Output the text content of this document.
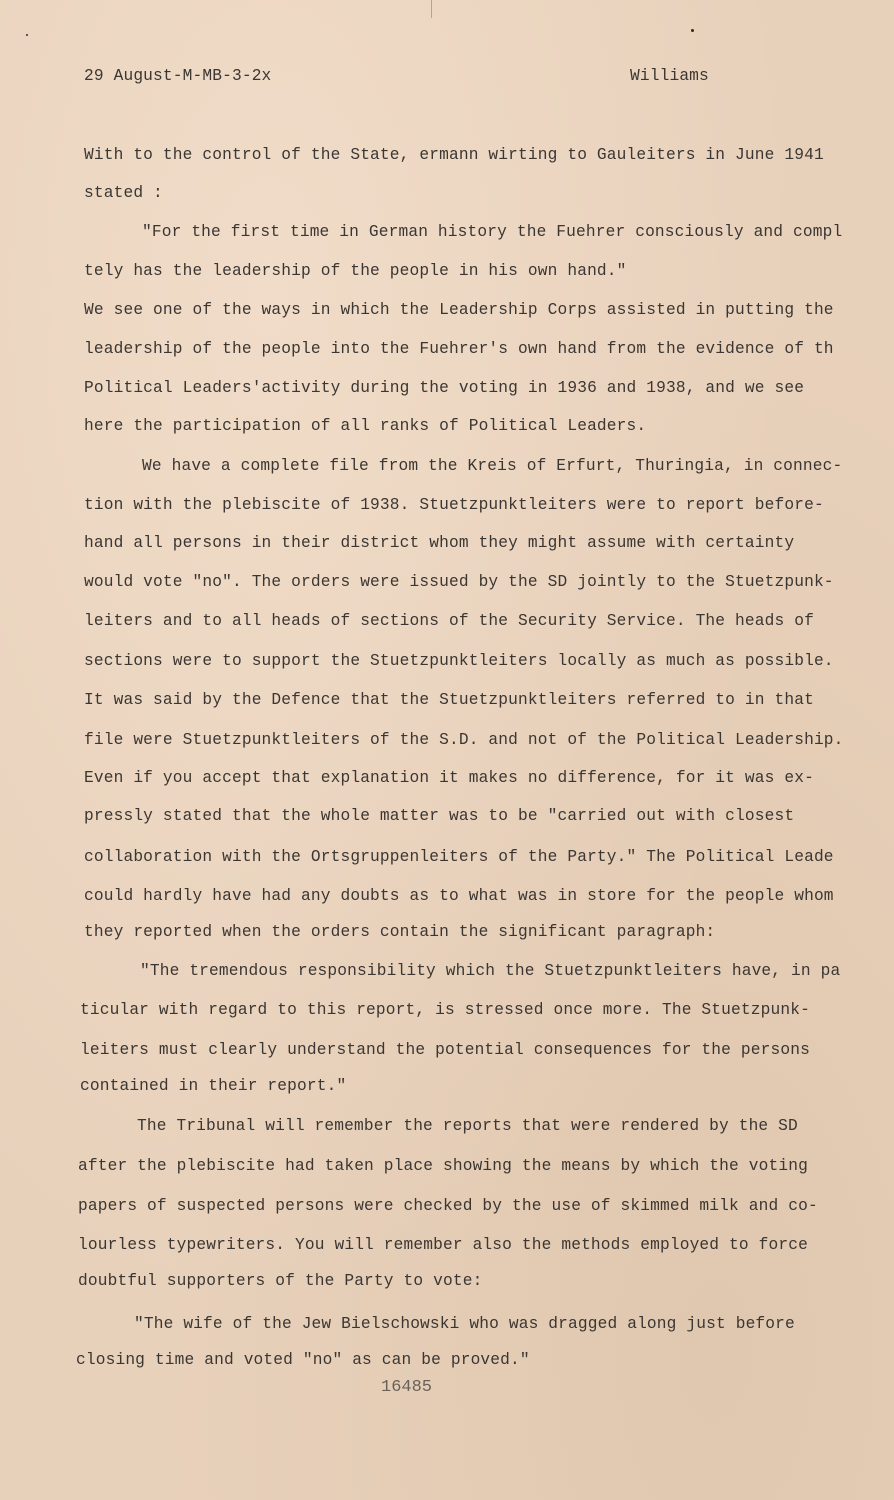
29 August-M-MB-3-2x	Williams
With to the control of the State, ermann wirting to Gauleiters in June 1941
stated :
"For the first time in German history the Fuehrer consciously and compl
tely has the leadership of the people in his own hand."
We see one of the ways in which the Leadership Corps assisted in putting the
leadership of the people into the Fuehrer's own hand from the evidence of th
Political Leaders'activity during the voting in 1936 and 1938, and we see
here the participation of all ranks of Political Leaders.
We have a complete file from the Kreis of Erfurt, Thuringia, in connec-
tion with the plebiscite of 1938. Stuetzpunktleiters were to report before-
hand all persons in their district whom they might assume with certainty
would vote "no". The orders were issued by the SD jointly to the Stuetzpunk-
leiters and to all heads of sections of the Security Service. The heads of
sections were to support the Stuetzpunktleiters locally as much as possible.
It was said by the Defence that the Stuetzpunktleiters referred to in that
file were Stuetzpunktleiters of the S.D. and not of the Political Leadership.
Even if you accept that explanation it makes no difference, for it was ex-
pressly stated that the whole matter was to be "carried out with closest
collaboration with the Ortsgruppenleiters of the Party." The Political Leade
could hardly have had any doubts as to what was in store for the people whom
they reported when the orders contain the significant paragraph:
"The tremendous responsibility which the Stuetzpunktleiters have, in pa
ticular with regard to this report, is stressed once more. The Stuetzpunk-
leiters must clearly understand the potential consequences for the persons
contained in their report."
The Tribunal will remember the reports that were rendered by the SD
after the plebiscite had taken place showing the means by which the voting
papers of suspected persons were checked by the use of skimmed milk and co-
lourless typewriters. You will remember also the methods employed to force
doubtful supporters of the Party to vote:
"The wife of the Jew Bielschowski who was dragged along just before
closing time and voted "no" as can be proved."
16485
